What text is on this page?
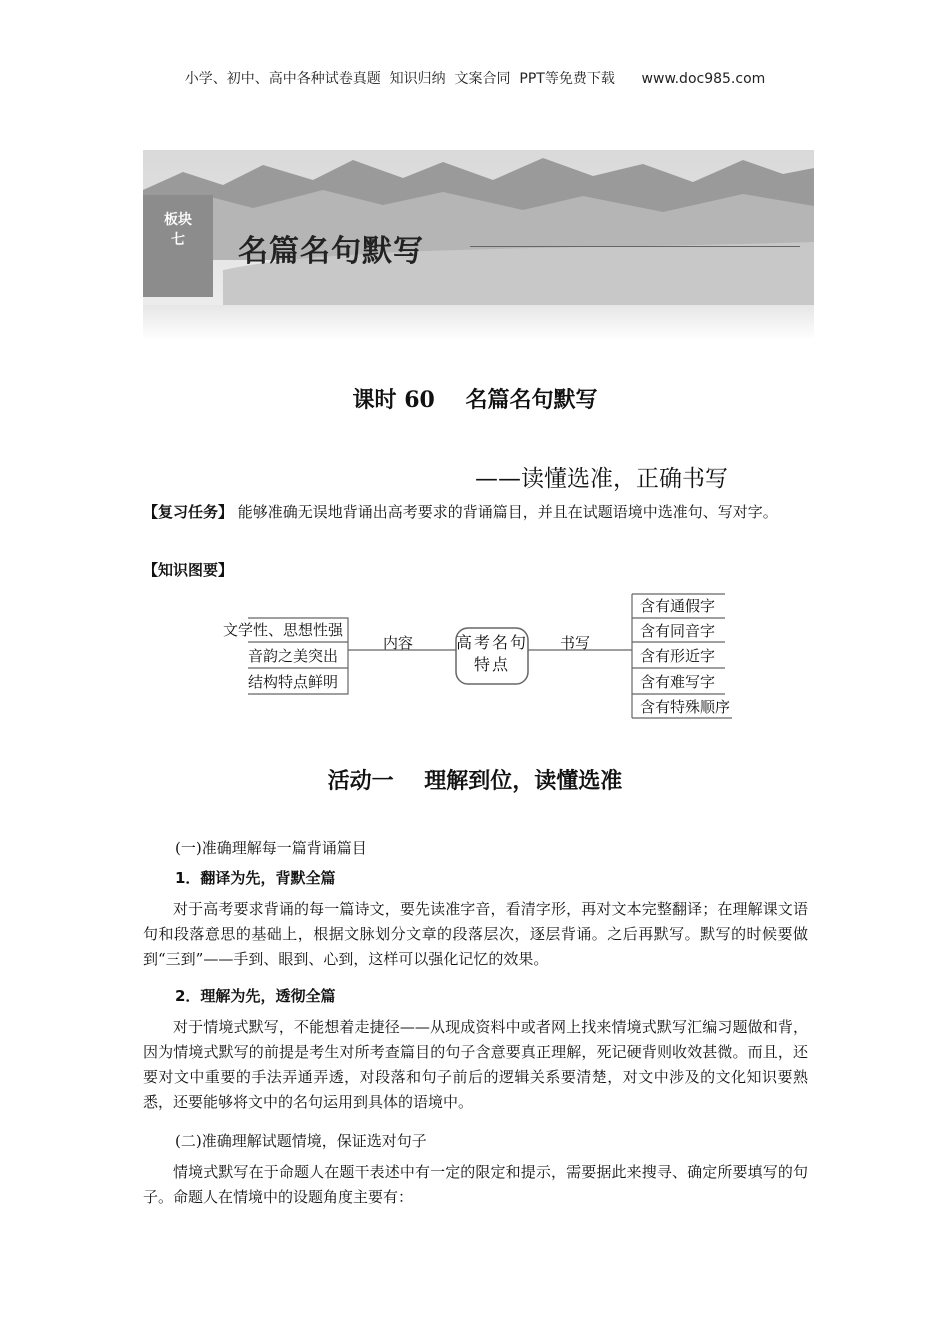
小学、初中、高中各种试卷真题  知识归纳  文案合同  PPT等免费下载      www.doc985.com
板块七 名篇名句默写
课时 60    名篇名句默写
——读懂选准，正确书写
【复习任务】 能够准确无误地背诵出高考要求的背诵篇目，并且在试题语境中选准句、写对字。
【知识图要】
文学性、思想性强
音韵之美突出
结构特点鲜明
内容	高考名句特点
书写
含有通假字
含有同音字
含有形近字
含有难写字
含有特殊顺序
活动一    理解到位，读懂选准
(一)准确理解每一篇背诵篇目
1．翻译为先，背默全篇
对于高考要求背诵的每一篇诗文，要先读准字音，看清字形，再对文本完整翻译；在理解课文语句和段落意思的基础上，根据文脉划分文章的段落层次，逐层背诵。之后再默写。默写的时候要做到“三到”——手到、眼到、心到，这样可以强化记忆的效果。
2．理解为先，透彻全篇
对于情境式默写，不能想着走捷径——从现成资料中或者网上找来情境式默写汇编习题做和背，因为情境式默写的前提是考生对所考查篇目的句子含意要真正理解，死记硬背则收效甚微。而且，还要对文中重要的手法弄通弄透，对段落和句子前后的逻辑关系要清楚，对文中涉及的文化知识要熟悉，还要能够将文中的名句运用到具体的语境中。
(二)准确理解试题情境，保证选对句子
情境式默写在于命题人在题干表述中有一定的限定和提示，需要据此来搜寻、确定所要填写的句子。命题人在情境中的设题角度主要有：
